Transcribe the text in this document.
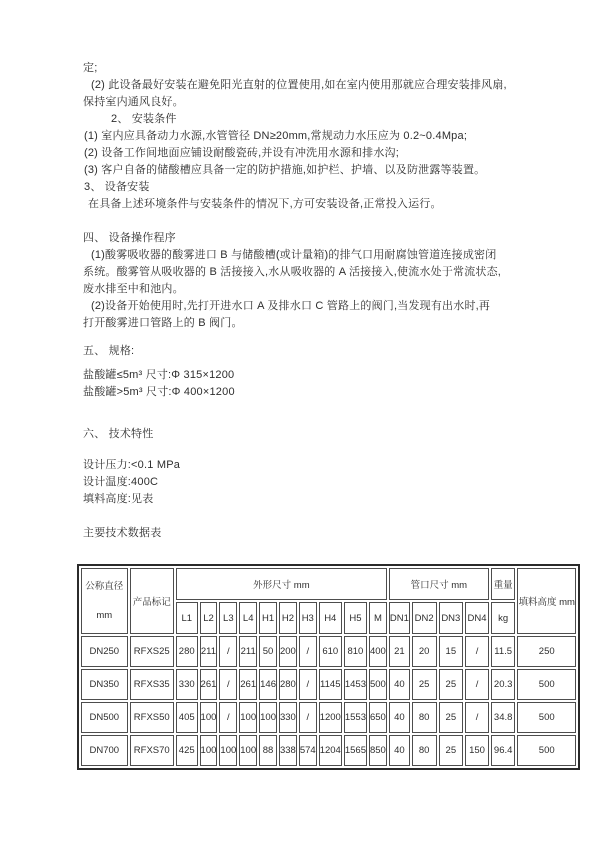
定;

(2) 此设备最好安装在避免阳光直射的位置使用,如在室内使用那就应合理安装排风扇,

保持室内通风良好。

2、 安装条件

(1) 室内应具备动力水源,水管管径 DN≥20mm,常规动力水压应为 0.2~0.4Mpa;

(2) 设备工作间地面应铺设耐酸瓷砖,并设有冲洗用水源和排水沟;

(3) 客户自备的储酸槽应具备一定的防护措施,如护栏、护墙、以及防泄露等装置。

3、 设备安装

在具备上述环境条件与安装条件的情况下,方可安装设备,正常投入运行。

四、 设备操作程序

(1)酸雾吸收器的酸雾进口 B 与储酸槽(或计量箱)的排气口用耐腐蚀管道连接成密闭

系统。酸雾管从吸收器的 B 活接接入,水从吸收器的 A 活接接入,使流水处于常流状态,

废水排至中和池内。

(2)设备开始使用时,先打开进水口 A 及排水口 C 管路上的阀门,当发现有出水时,再

打开酸雾进口管路上的 B 阀门。

五、 规格:

盐酸罐≤5m³ 尺寸:Φ 315×1200

盐酸罐>5m³ 尺寸:Φ 400×1200

六、 技术特性

设计压力:<0.1 MPa

设计温度:400C

填料高度:见表

主要技术数据表

公称直径
mm	产品标记	外形尺寸 mm										管口尺寸 mm				重量	填料高度 mm
		L1	L2	L3	L4	H1	H2	H3	H4	H5	M	DN1	DN2	DN3	DN4	kg	
DN250	RFXS25	280	211	/	211	50	200	/	610	810	400	21	20	15	/	11.5	250
DN350	RFXS35	330	261	/	261	146	280	/	1145	1453	500	40	25	25	/	20.3	500
DN500	RFXS50	405	100	/	100	100	330	/	1200	1553	650	40	80	25	/	34.8	500
DN700	RFXS70	425	100	100	100	88	338	574	1204	1565	850	40	80	25	150	96.4	500
